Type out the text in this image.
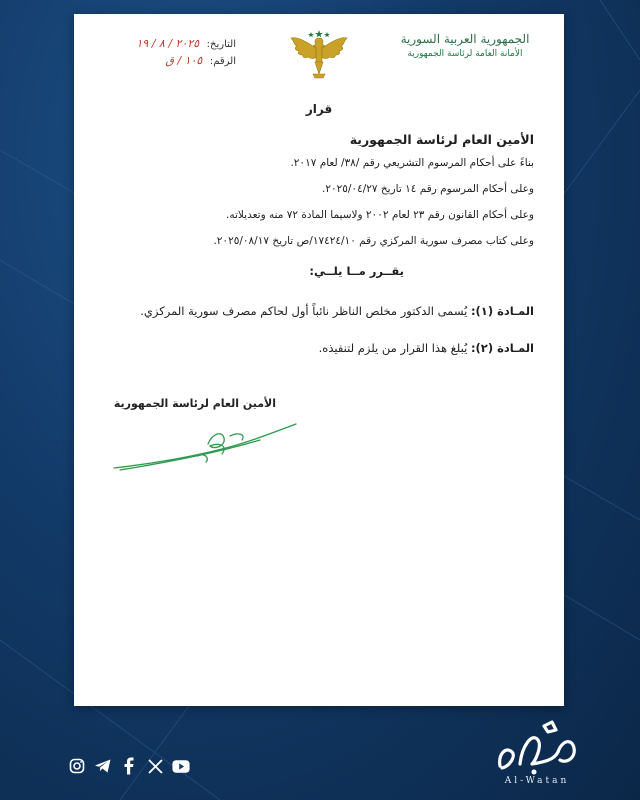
التاريخ: ٢٠٢٥ / ٨ / ١٩
الرقم: ١٠٥ / ق
الجمهورية العربية السورية
الأمانة العامة لرئاسة الجمهورية
قرار
الأمين العام لرئاسة الجمهورية
بناءً على أحكام المرسوم التشريعي رقم /٣٨/ لعام ٢٠١٧.
وعلى أحكام المرسوم رقم ١٤ تاريخ ٢٠٢٥/٠٤/٢٧.
وعلى أحكام القانون رقم ٢٣ لعام ٢٠٠٢ ولاسيما المادة ٧٢ منه وتعديلاته.
وعلى كتاب مصرف سورية المركزي رقم ١٧٤٢٤/١٠/ص تاريخ ٢٠٢٥/٠٨/١٧.
يقــرر مــا يلــي:
المـادة (١): يُسمى الدكتور مخلص الناظر نائباً أول لحاكم مصرف سورية المركزي.
المـادة (٢): يُبلغ هذا القرار من يلزم لتنفيذه.
الأمين العام لرئاسة الجمهورية
Al-Watan
